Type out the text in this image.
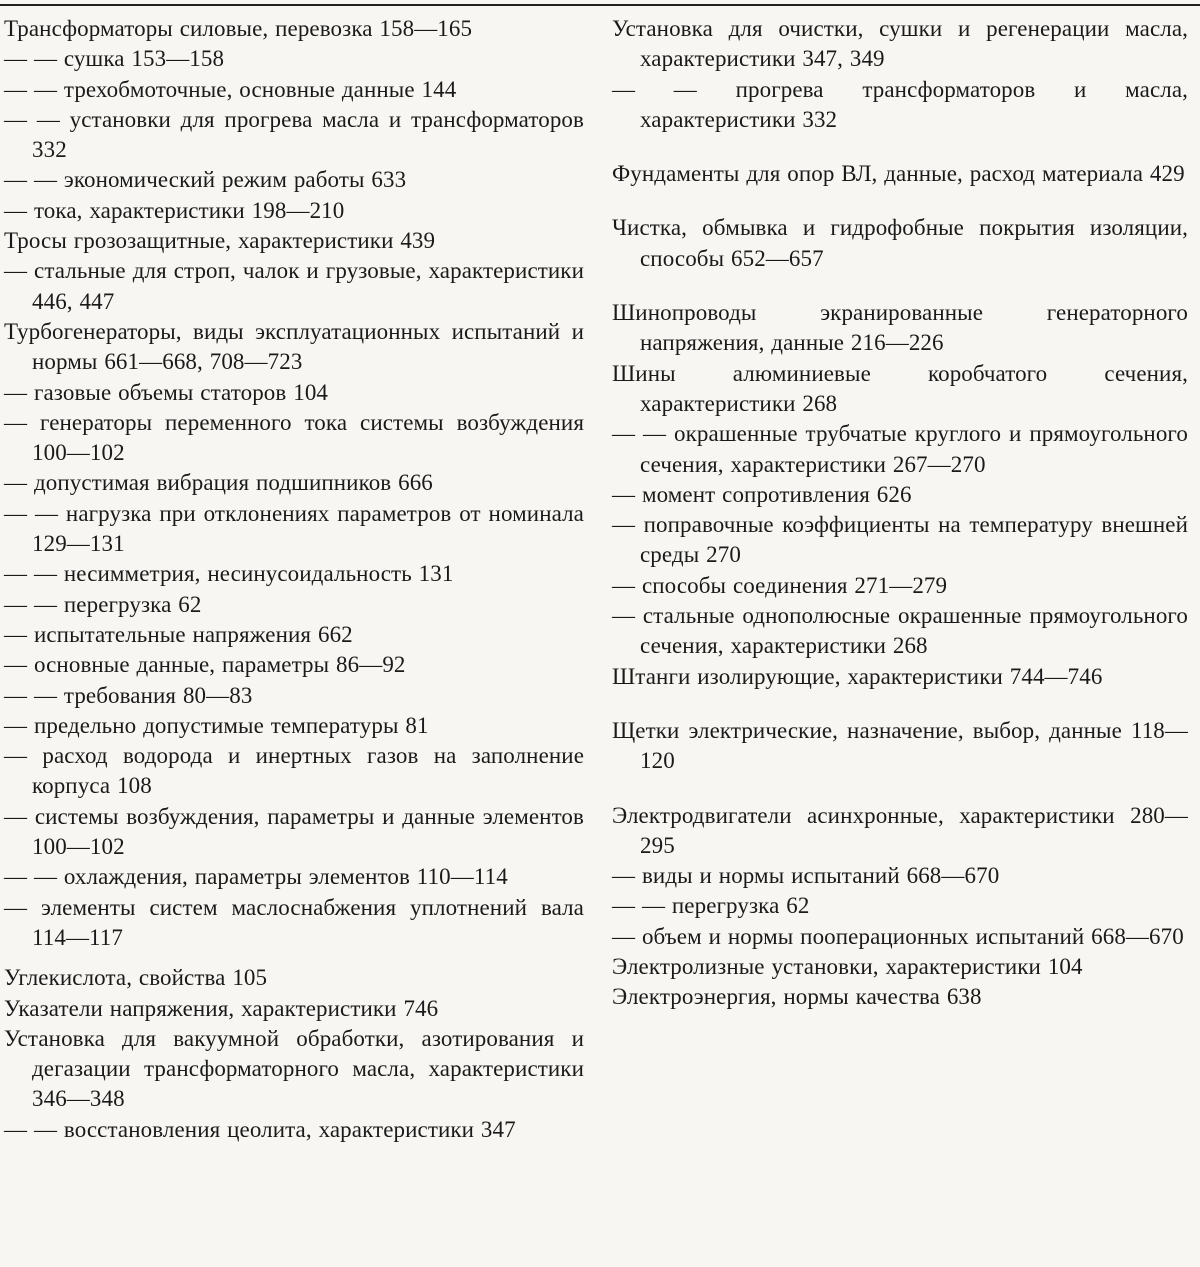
Трансформаторы силовые, перевозка 158—165
— — сушка 153—158
— — трехобмоточные, основные данные 144
— — установки для прогрева масла и трансформаторов 332
— — экономический режим работы 633
— тока, характеристики 198—210
Тросы грозозащитные, характеристики 439
— стальные для строп, чалок и грузовые, характеристики 446, 447
Турбогенераторы, виды эксплуатационных испытаний и нормы 661—668, 708—723
— газовые объемы статоров 104
— генераторы переменного тока системы возбуждения 100—102
— допустимая вибрация подшипников 666
— — нагрузка при отклонениях параметров от номинала 129—131
— — несимметрия, несинусоидальность 131
— — перегрузка 62
— испытательные напряжения 662
— основные данные, параметры 86—92
— — требования 80—83
— предельно допустимые температуры 81
— расход водорода и инертных газов на заполнение корпуса 108
— системы возбуждения, параметры и данные элементов 100—102
— — охлаждения, параметры элементов 110—114
— элементы систем маслоснабжения уплотнений вала 114—117
Углекислота, свойства 105
Указатели напряжения, характеристики 746
Установка для вакуумной обработки, азотирования и дегазации трансформаторного масла, характеристики 346—348
— — восстановления цеолита, характеристики 347
Установка для очистки, сушки и регенерации масла, характеристики 347, 349
— — прогрева трансформаторов и масла, характеристики 332
Фундаменты для опор ВЛ, данные, расход материала 429
Чистка, обмывка и гидрофобные покрытия изоляции, способы 652—657
Шинопроводы экранированные генераторного напряжения, данные 216—226
Шины алюминиевые коробчатого сечения, характеристики 268
— — окрашенные трубчатые круглого и прямоугольного сечения, характеристики 267—270
— момент сопротивления 626
— поправочные коэффициенты на температуру внешней среды 270
— способы соединения 271—279
— стальные однополюсные окрашенные прямоугольного сечения, характеристики 268
Штанги изолирующие, характеристики 744—746
Щетки электрические, назначение, выбор, данные 118—120
Электродвигатели асинхронные, характеристики 280—295
— виды и нормы испытаний 668—670
— — перегрузка 62
— объем и нормы пооперационных испытаний 668—670
Электролизные установки, характеристики 104
Электроэнергия, нормы качества 638
